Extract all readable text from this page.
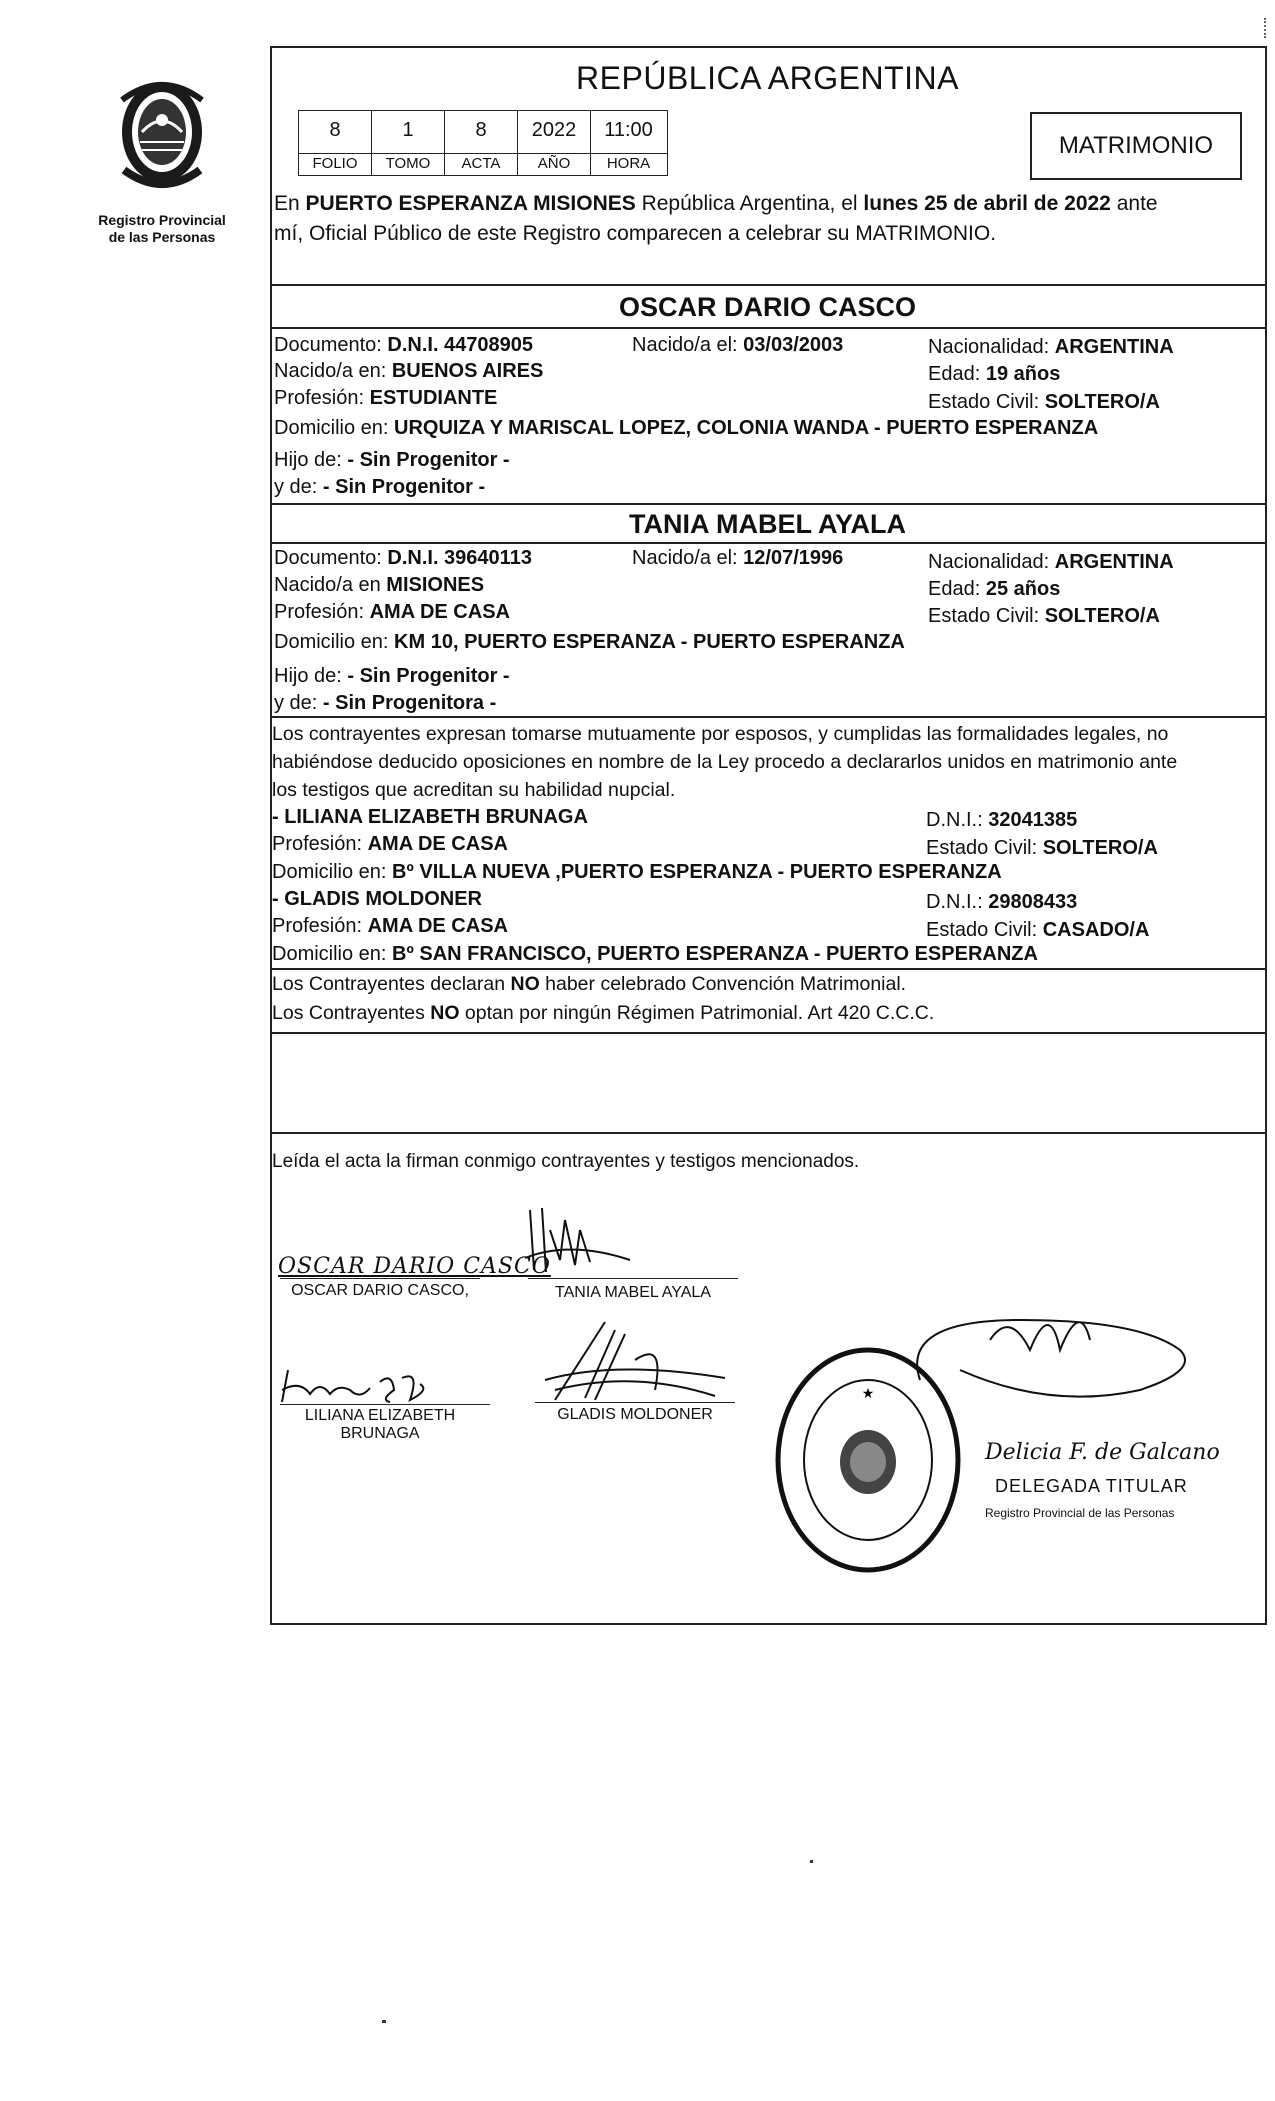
Registro Provincial
de las Personas
REPÚBLICA ARGENTINA
8	1	8	2022	11:00
FOLIO	TOMO	ACTA	AÑO	HORA
MATRIMONIO
En PUERTO ESPERANZA MISIONES República Argentina, el lunes 25 de abril de 2022 ante
mí, Oficial Público de este Registro comparecen a celebrar su MATRIMONIO.
OSCAR DARIO CASCO
Documento: D.N.I. 44708905	Nacido/a el: 03/03/2003	Nacionalidad: ARGENTINA
Nacido/a en: BUENOS AIRES	Edad: 19 años
Profesión: ESTUDIANTE	Estado Civil: SOLTERO/A
Domicilio en: URQUIZA Y MARISCAL LOPEZ, COLONIA WANDA - PUERTO ESPERANZA
Hijo de: - Sin Progenitor -
y de: - Sin Progenitor -
TANIA MABEL AYALA
Documento: D.N.I. 39640113	Nacido/a el: 12/07/1996	Nacionalidad: ARGENTINA
Nacido/a en MISIONES	Edad: 25 años
Profesión: AMA DE CASA	Estado Civil: SOLTERO/A
Domicilio en: KM 10, PUERTO ESPERANZA - PUERTO ESPERANZA
Hijo de: - Sin Progenitor -
y de: - Sin Progenitora -
Los contrayentes expresan tomarse mutuamente por esposos, y cumplidas las formalidades legales, no
habiéndose deducido oposiciones en nombre de la Ley procedo a declararlos unidos en matrimonio ante
los testigos que acreditan su habilidad nupcial.
- LILIANA ELIZABETH BRUNAGA	D.N.I.: 32041385
Profesión: AMA DE CASA	Estado Civil: SOLTERO/A
Domicilio en: Bº VILLA NUEVA ,PUERTO ESPERANZA - PUERTO ESPERANZA
- GLADIS MOLDONER	D.N.I.: 29808433
Profesión: AMA DE CASA	Estado Civil: CASADO/A
Domicilio en: Bº SAN FRANCISCO, PUERTO ESPERANZA - PUERTO ESPERANZA
Los Contrayentes declaran NO haber celebrado Convención Matrimonial.
Los Contrayentes NO optan por ningún Régimen Patrimonial. Art 420 C.C.C.
Leída el acta la firman conmigo contrayentes y testigos mencionados.
OSCAR DARIO CASCO
OSCAR DARIO CASCO,	TANIA MABEL AYALA
LILIANA ELIZABETH
BRUNAGA
GLADIS MOLDONER
★
Delicia F. de Galcano
DELEGADA TITULAR
Registro Provincial de las Personas
